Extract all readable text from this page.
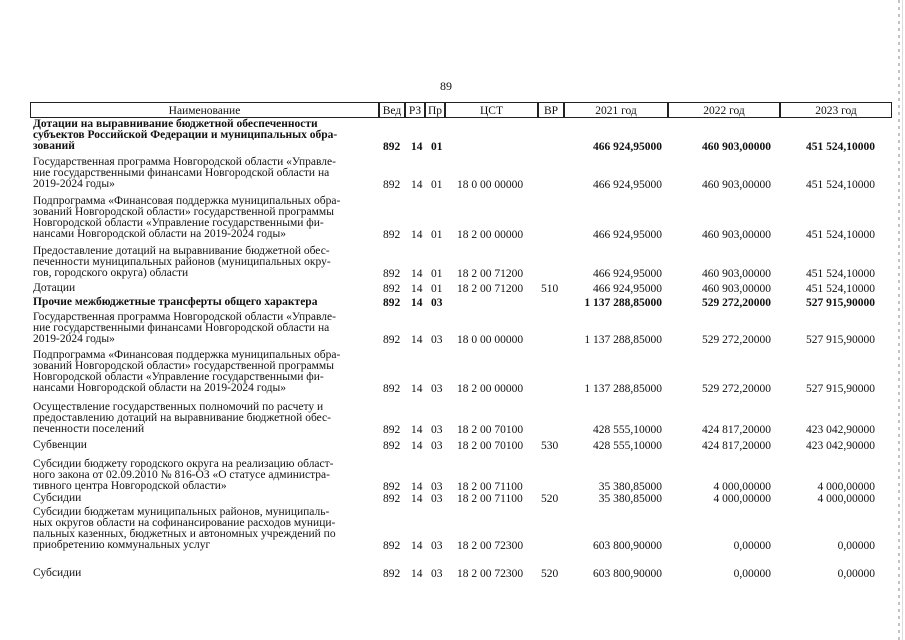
89
Наименование	Вед РЗ Пр	ЦСТ	ВР	2021 год	2022 год	2023 год
Дотации на выравнивание бюджетной обеспеченности
субъектов Российской Федерации и муниципальных обра-
зований	892 14 01	466 924,95000	460 903,00000	451 524,10000
Государственная программа Новгородской области «Управле-
ние государственными финансами Новгородской области на
2019-2024 годы»	892 14 01 18 0 00 00000	466 924,95000	460 903,00000	451 524,10000
Подпрограмма «Финансовая поддержка муниципальных обра-
зований Новгородской области» государственной программы
Новгородской области «Управление государственными фи-
нансами Новгородской области на 2019-2024 годы»	892 14 01 18 2 00 00000	466 924,95000	460 903,00000	451 524,10000
Предоставление дотаций на выравнивание бюджетной обес-
печенности муниципальных районов (муниципальных окру-
гов, городского округа) области	892 14 01 18 2 00 71200	466 924,95000	460 903,00000	451 524,10000
Дотации	892 14 01 18 2 00 71200	510	466 924,95000	460 903,00000	451 524,10000
Прочие межбюджетные трансферты общего характера	892 14 03	1 137 288,85000	529 272,20000	527 915,90000
Государственная программа Новгородской области «Управле-
ние государственными финансами Новгородской области на
2019-2024 годы»	892 14 03 18 0 00 00000	1 137 288,85000	529 272,20000	527 915,90000
Подпрограмма «Финансовая поддержка муниципальных обра-
зований Новгородской области» государственной программы
Новгородской области «Управление государственными фи-
нансами Новгородской области на 2019-2024 годы»	892 14 03 18 2 00 00000	1 137 288,85000	529 272,20000	527 915,90000
Осуществление государственных полномочий по расчету и
предоставлению дотаций на выравнивание бюджетной обес-
печенности поселений	892 14 03 18 2 00 70100	428 555,10000	424 817,20000	423 042,90000
Субвенции	892 14 03 18 2 00 70100	530	428 555,10000	424 817,20000	423 042,90000
Субсидии бюджету городского округа на реализацию област-
ного закона от 02.09.2010 № 816-ОЗ «О статусе администра-
тивного центра Новгородской области»	892 14 03 18 2 00 71100	35 380,85000	4 000,00000	4 000,00000
Субсидии	892 14 03 18 2 00 71100	520	35 380,85000	4 000,00000	4 000,00000
Субсидии бюджетам муниципальных районов, муниципаль-
ных округов области на софинансирование расходов муници-
пальных казенных, бюджетных и автономных учреждений по
приобретению коммунальных услуг	892 14 03 18 2 00 72300	603 800,90000	0,00000	0,00000
Субсидии	892 14 03 18 2 00 72300	520	603 800,90000	0,00000	0,00000
